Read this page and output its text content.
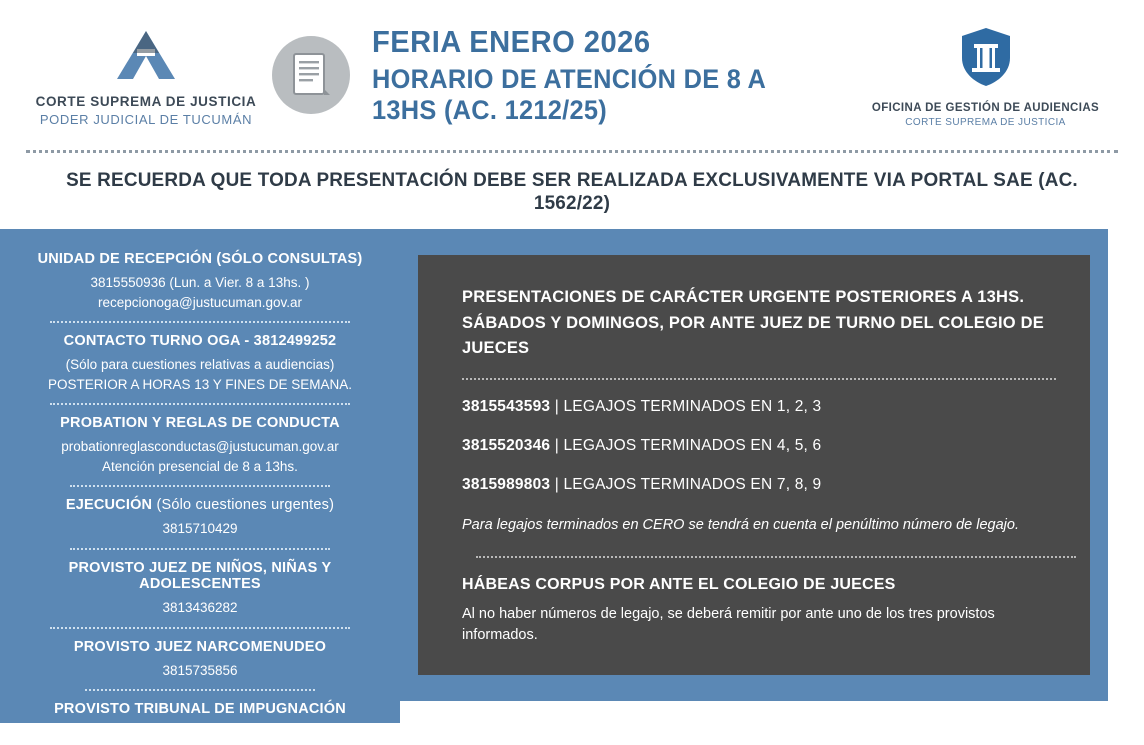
CORTE SUPREMA DE JUSTICIA
PODER JUDICIAL DE TUCUMÁN
FERIA ENERO 2026
HORARIO DE ATENCIÓN DE 8 A 13HS (AC. 1212/25)	OFICINA DE GESTIÓN DE AUDIENCIAS
CORTE SUPREMA DE JUSTICIA
SE RECUERDA QUE TODA PRESENTACIÓN DEBE SER REALIZADA EXCLUSIVAMENTE VIA PORTAL SAE (AC. 1562/22)
UNIDAD DE RECEPCIÓN (SÓLO CONSULTAS)
3815550936 (Lun. a Vier. 8 a 13hs. )
recepcionoga@justucuman.gov.ar
CONTACTO TURNO OGA - 3812499252
(Sólo para cuestiones relativas a audiencias)
POSTERIOR A HORAS 13 Y FINES DE SEMANA.
PROBATION Y REGLAS DE CONDUCTA
probationreglasconductas@justucuman.gov.ar
Atención presencial de 8 a 13hs.
EJECUCIÓN (Sólo cuestiones urgentes)
3815710429
PROVISTO JUEZ DE NIÑOS, NIÑAS Y ADOLESCENTES
3813436282
PROVISTO JUEZ NARCOMENUDEO
3815735856
PROVISTO TRIBUNAL DE IMPUGNACIÓN
3815710385
PRESENTACIONES DE CARÁCTER URGENTE POSTERIORES A 13HS. SÁBADOS Y DOMINGOS, POR ANTE JUEZ DE TURNO DEL COLEGIO DE JUECES
3815543593 | LEGAJOS TERMINADOS EN 1, 2, 3
3815520346 | LEGAJOS TERMINADOS EN 4, 5, 6
3815989803 | LEGAJOS TERMINADOS EN 7, 8, 9
Para legajos terminados en CERO se tendrá en cuenta el penúltimo número de legajo.
HÁBEAS CORPUS POR ANTE EL COLEGIO DE JUECES
Al no haber números de legajo, se deberá remitir por ante uno de los tres provistos informados.
